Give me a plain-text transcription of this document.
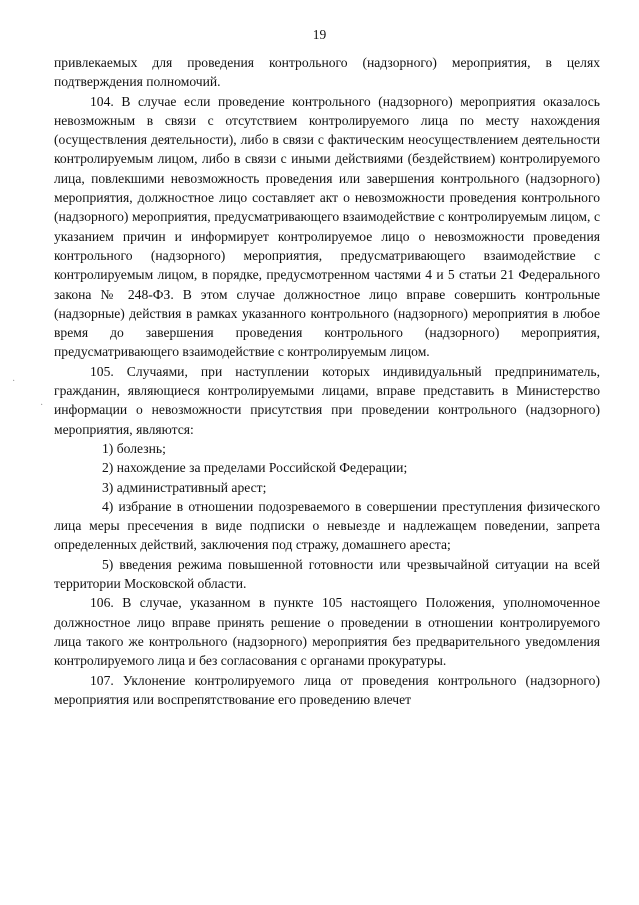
19

привлекаемых для проведения контрольного (надзорного) мероприятия, в целях подтверждения полномочий.

104. В случае если проведение контрольного (надзорного) мероприятия оказалось невозможным в связи с отсутствием контролируемого лица по месту нахождения (осуществления деятельности), либо в связи с фактическим неосуществлением деятельности контролируемым лицом, либо в связи с иными действиями (бездействием) контролируемого лица, повлекшими невозможность проведения или завершения контрольного (надзорного) мероприятия, должностное лицо составляет акт о невозможности проведения контрольного (надзорного) мероприятия, предусматривающего взаимодействие с контролируемым лицом, с указанием причин и информирует контролируемое лицо о невозможности проведения контрольного (надзорного) мероприятия, предусматривающего взаимодействие с контролируемым лицом, в порядке, предусмотренном частями 4 и 5 статьи 21 Федерального закона № 248-ФЗ. В этом случае должностное лицо вправе совершить контрольные (надзорные) действия в рамках указанного контрольного (надзорного) мероприятия в любое время до завершения проведения контрольного (надзорного) мероприятия, предусматривающего взаимодействие с контролируемым лицом.

105. Случаями, при наступлении которых индивидуальный предприниматель, гражданин, являющиеся контролируемыми лицами, вправе представить в Министерство информации о невозможности присутствия при проведении контрольного (надзорного) мероприятия, являются:

1) болезнь;

2) нахождение за пределами Российской Федерации;

3) административный арест;

4) избрание в отношении подозреваемого в совершении преступления физического лица меры пресечения в виде подписки о невыезде и надлежащем поведении, запрета определенных действий, заключения под стражу, домашнего ареста;

5) введения режима повышенной готовности или чрезвычайной ситуации на всей территории Московской области.

106. В случае, указанном в пункте 105 настоящего Положения, уполномоченное должностное лицо вправе принять решение о проведении в отношении контролируемого лица такого же контрольного (надзорного) мероприятия без предварительного уведомления контролируемого лица и без согласования с органами прокуратуры.

107. Уклонение контролируемого лица от проведения контрольного (надзорного) мероприятия или воспрепятствование его проведению влечет

·
·
